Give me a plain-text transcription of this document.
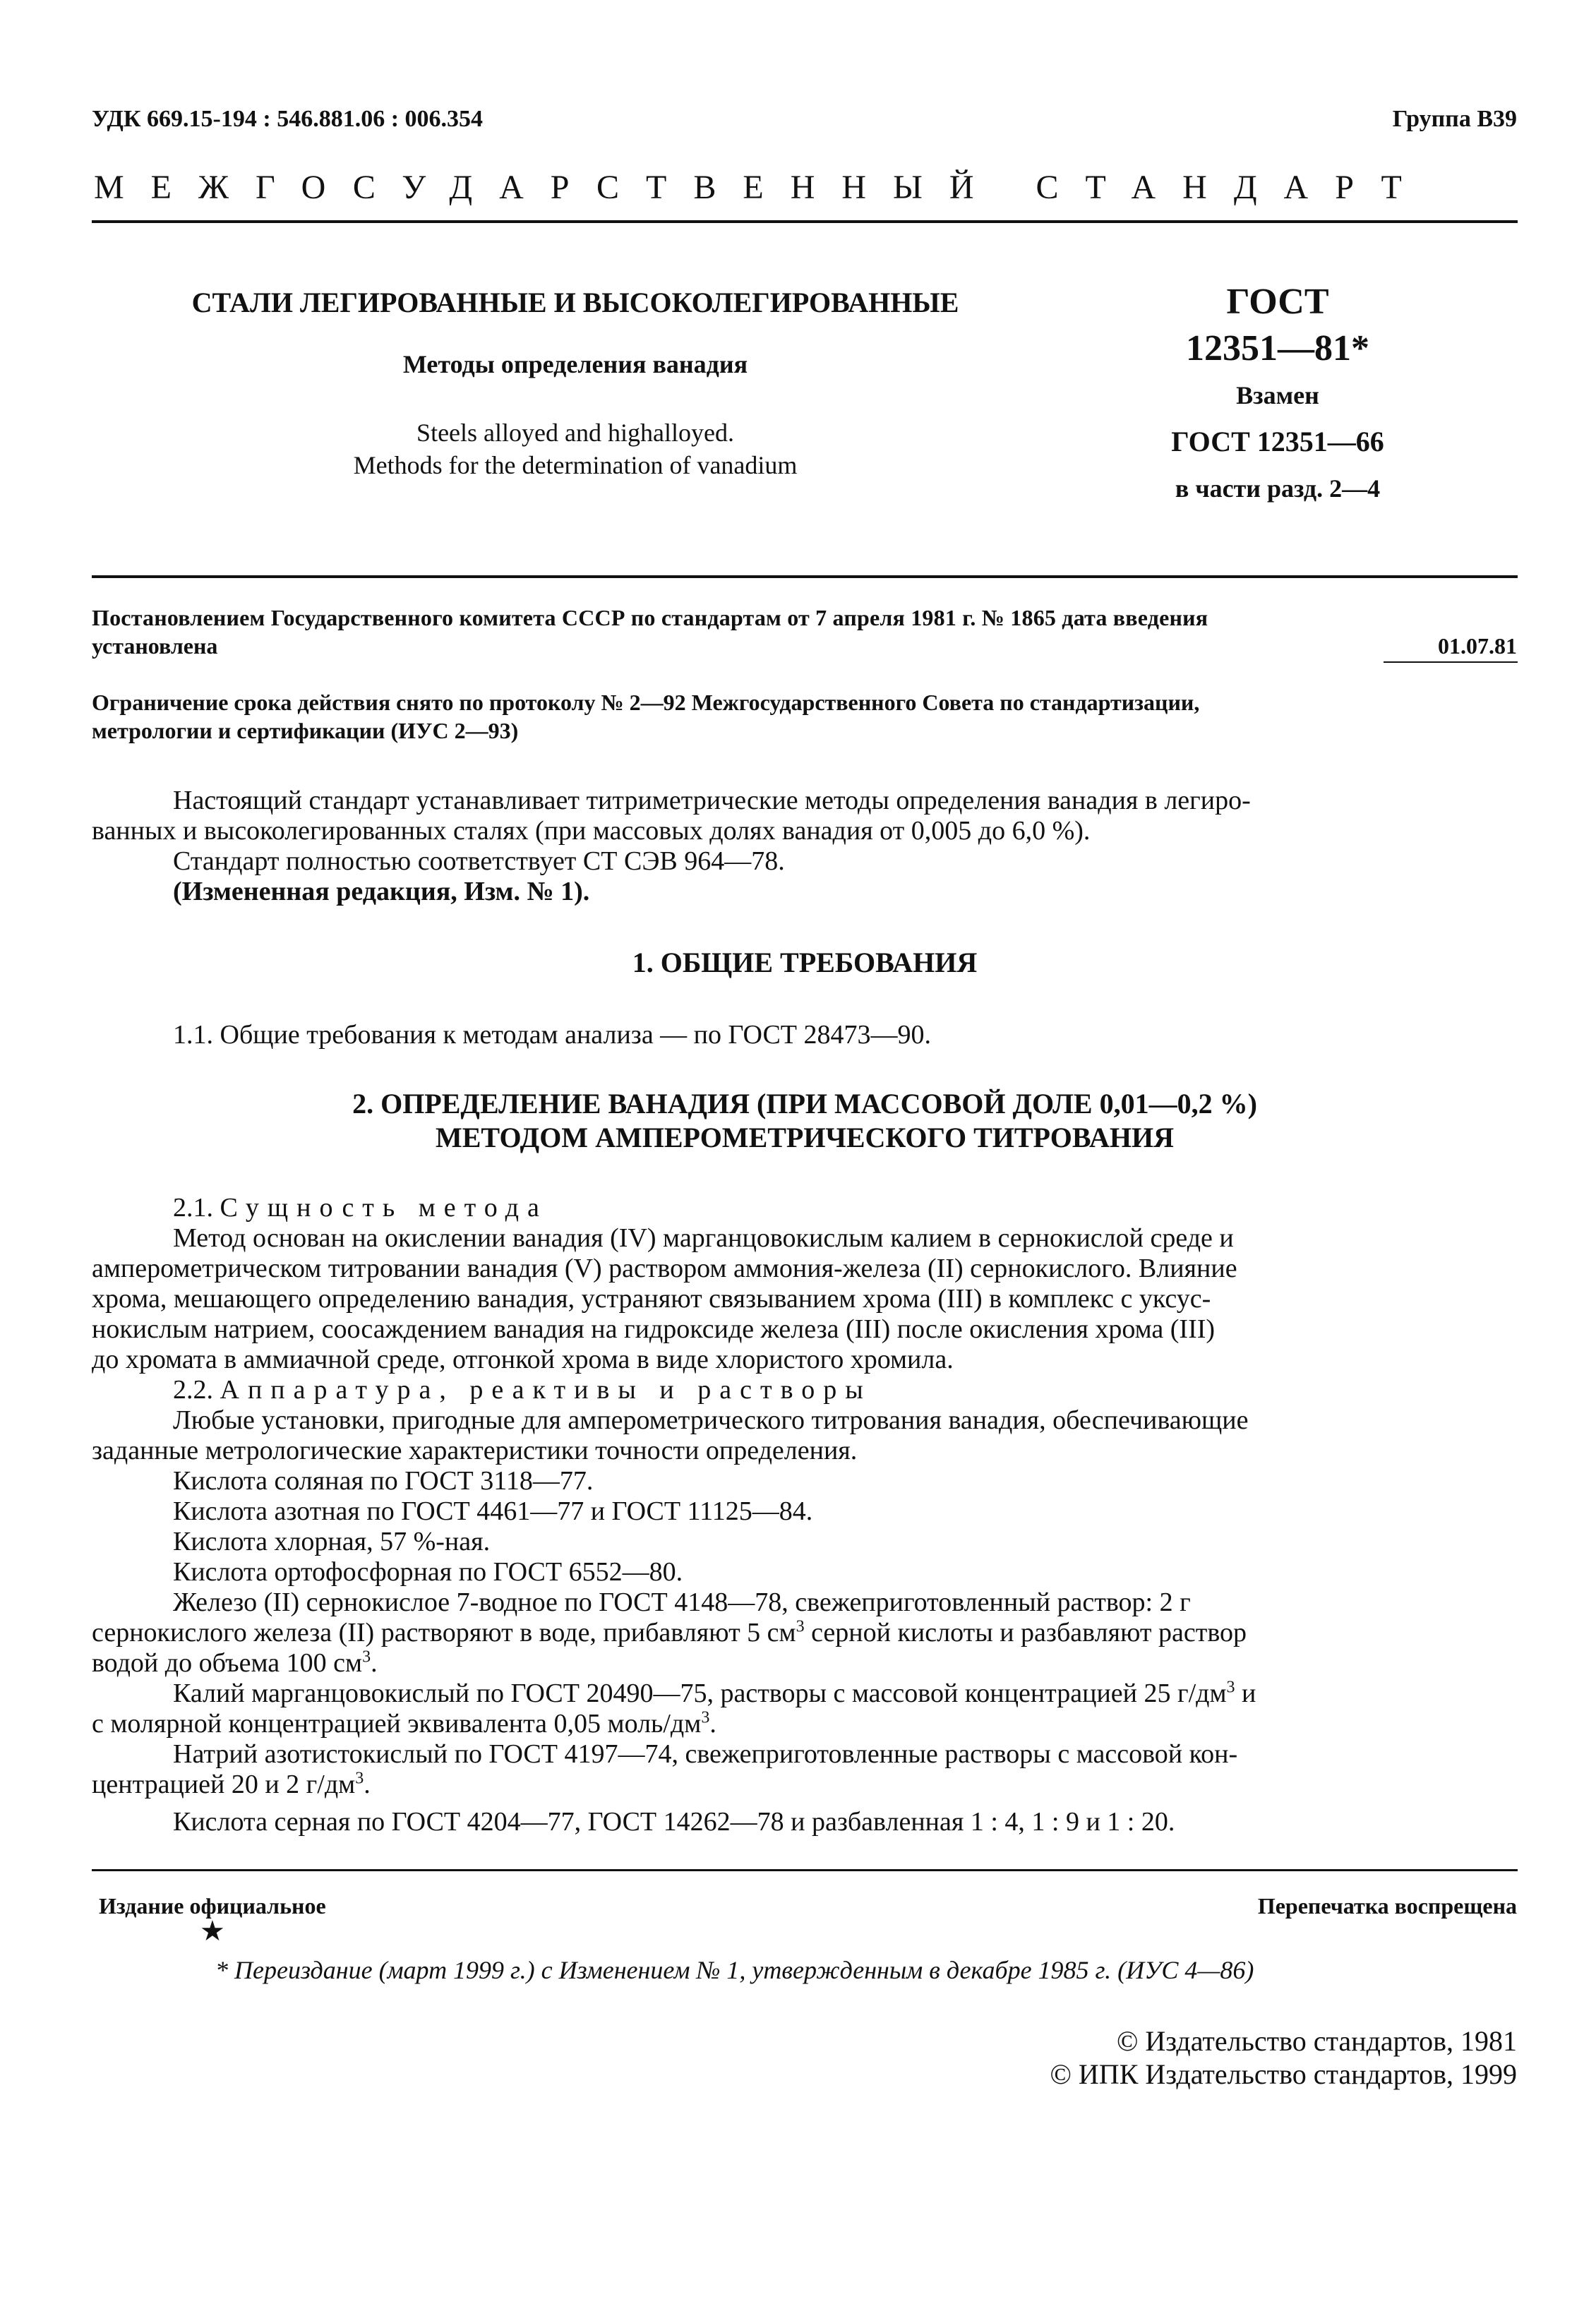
УДК 669.15-194 : 546.881.06 : 006.354	Группа В39
МЕЖГОСУДАРСТВЕННЫЙ СТАНДАРТ
СТАЛИ ЛЕГИРОВАННЫЕ И ВЫСОКОЛЕГИРОВАННЫЕ
Методы определения ванадия
Steels alloyed and highalloyed.
Methods for the determination of vanadium
ГОСТ
12351—81*
Взамен
ГОСТ 12351—66
в части разд. 2—4
Постановлением Государственного комитета СССР по стандартам от 7 апреля 1981 г. № 1865 дата введения
установлена	01.07.81
Ограничение срока действия снято по протоколу № 2—92 Межгосударственного Совета по стандартизации,
метрологии и сертификации (ИУС 2—93)
Настоящий стандарт устанавливает титриметрические методы определения ванадия в легиро-
ванных и высоколегированных сталях (при массовых долях ванадия от 0,005 до 6,0 %).
Стандарт полностью соответствует СТ СЭВ 964—78.
(Измененная редакция, Изм. № 1).
1. ОБЩИЕ ТРЕБОВАНИЯ
1.1. Общие требования к методам анализа — по ГОСТ 28473—90.
2. ОПРЕДЕЛЕНИЕ ВАНАДИЯ (ПРИ МАССОВОЙ ДОЛЕ 0,01—0,2 %)
МЕТОДОМ АМПЕРОМЕТРИЧЕСКОГО ТИТРОВАНИЯ
2.1. Сущность метода
Метод основан на окислении ванадия (IV) марганцовокислым калием в сернокислой среде и
амперометрическом титровании ванадия (V) раствором аммония-железа (II) сернокислого. Влияние
хрома, мешающего определению ванадия, устраняют связыванием хрома (III) в комплекс с уксус-
нокислым натрием, соосаждением ванадия на гидроксиде железа (III) после окисления хрома (III)
до хромата в аммиачной среде, отгонкой хрома в виде хлористого хромила.
2.2. Аппаратура, реактивы и растворы
Любые установки, пригодные для амперометрического титрования ванадия, обеспечивающие
заданные метрологические характеристики точности определения.
Кислота соляная по ГОСТ 3118—77.
Кислота азотная по ГОСТ 4461—77 и ГОСТ 11125—84.
Кислота хлорная, 57 %-ная.
Кислота ортофосфорная по ГОСТ 6552—80.
Железо (II) сернокислое 7-водное по ГОСТ 4148—78, свежеприготовленный раствор: 2 г
сернокислого железа (II) растворяют в воде, прибавляют 5 $см^3$ серной кислоты и разбавляют раствор
водой до объема 100 $см^3$.
Калий марганцовокислый по ГОСТ 20490—75, растворы с массовой концентрацией 25 $г/дм^3$ и
с молярной концентрацией эквивалента 0,05 моль/$дм^3$.
Натрий азотистокислый по ГОСТ 4197—74, свежеприготовленные растворы с массовой кон-
центрацией 20 и 2 $г/дм^3$.
Кислота серная по ГОСТ 4204—77, ГОСТ 14262—78 и разбавленная 1 : 4, 1 : 9 и 1 : 20.
Издание официальное	Перепечатка воспрещена
★
* Переиздание (март 1999 г.) с Изменением № 1, утвержденным в декабре 1985 г. (ИУС 4—86)
© Издательство стандартов, 1981
© ИПК Издательство стандартов, 1999
